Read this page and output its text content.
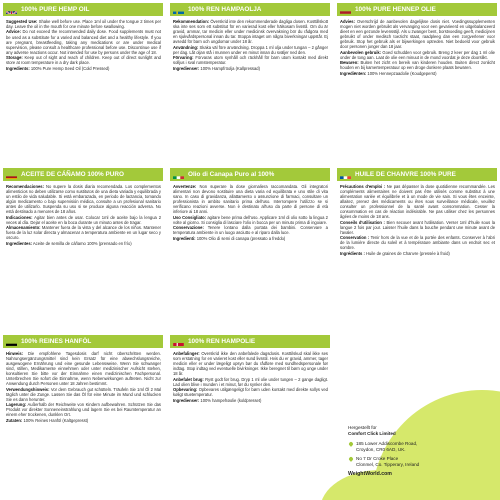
100% PURE HEMP OIL

Suggested Use: Shake well before use. Place 1ml oil under the tongue 2 times per day. Leave the oil in the mouth for one minute before swallowing.

Advice: Do not exceed the recommended daily dose. Food supplements must not be used as a substitute for a varied and balanced diet and a healthy lifestyle. If you are pregnant, breastfeeding, taking any medications or are under medical supervision, please consult a healthcare professional before use. Discontinue use if any adverse reactions occur. Not intended for use by persons under the age of 18.

Storage: Keep out of sight and reach of children. Keep out of direct sunlight and store at room temperature in a dry dark place.

Ingredients: 100% Pure Hemp Seed Oil (Cold Pressed)

100% REN HAMPAOLJA

Rekommendation: Överskrid inte den rekommenderade dagliga dosen. Kosttillskott ska inte ses som ett substitut för en varierad kost eller hälsosam livsstil. Om du är gravid, ammar, tar medicin eller under medicinsk övervakning bör du rådgöra med en sjukvårdspersonal innan du tar. Stoppa intaget om några biverkningar uppstår. Ej avsedd för barn och ungdomar under 18 år.

Användning: Skaka väl före användning. Droppa 1 ml olja under tungan – 2 gånger per dag. Låt oljan stå i munnen under en minut innan du sväljer ned den.

Förvaring: Förvaras utom synhåll och räckhåll för barn utom kontakt med direkt solljus i sval rumstemperatur.

Ingredienser: 100% Hampfröolja (Kallpressad)

100% PURE HENNEP OLIE

Advies: Overschrijd de aanbevolen dagelijkse dosis niet. Voedingssupplementen mogen niet worden gebruikt als vervanging voor een gevarieerd en uitgebalanceerd dieet en een gezonde levensstijl. Als u zwanger bent, borstvoeding geeft, medicijnen gebruikt of onder medisch toezicht staat, raadpleeg dan een zorgverlener voor gebruik. Stop het gebruik als er bijwerkingen optreden. Niet bedoeld voor gebruik door personen jonger dan 18 jaar.

Aanbevolen gebruik: Goed schudden voor gebruik. Breng 2 keer per dag 1 ml olie onder de tong aan. Laat de olie een minuut in de mond voordat je deze doorslikt.

Bewaren: Buiten het zicht en bereik van kinderen houden. Buiten direct zonlicht houden en bij kamertemperatuur op een droge donkere plaats bewaren.

Ingrediënten: 100% Hennepzaadolie (Koudgeperst)

ACEITE DE CÁÑAMO 100% PURO

Recomendaciones: No supere la dosis diaria recomendada. Los complementos alimenticios no deben utilizarse como sustitutos de una dieta variada y equilibrada y un estilo de vida saludable. Si está embarazada, en periodo de lactancia, tomando algún medicamento o bajo supervisión médica, consulte a un profesional sanitario antes de utilizarlo. Suspenda su uso si se produce alguna reacción adversa. No está destinado a menores de 18 años.

Indicaciones: Agitar bien antes de usar. Colocar 1ml de aceite bajo la lengua 2 veces al día. Dejar el aceite en la boca durante un minuto antes de tragar.

Almacenamiento: Mantener fuera de la vista y del alcance de los niños. Mantener fuera de la luz solar directa y almacenar a temperatura ambiente en un lugar seco y oscuro.

Ingredientes: Aceite de semilla de cáñamo 100% (prensado en frío)

Olio di Canapa Puro al 100%

Avvertenze: Non superare la dose giornaliera raccomandata. Gli integratori alimentari non devono sostituire una dieta varia ed equilibrata e uno stile di vita sano. In caso di gravidanza, allattamento o assunzione di farmaci, consultare un professionista in ambito sanitario prima dell'uso. Interrompere l'utilizzo se si verificano reazioni avverse. Non è destinato all'uso da parte di persone di età inferiore ai 18 anni.

Uso Consigliato: agitare bene prima dell'uso. Applicare 1ml di olio sotto la lingua 2 volte al giorno. Si consiglia di lasciare l'olio in bocca per un minuto prima di ingoiare.

Conservazione: Tenere lontano dalla portata dei bambini. Conservare a temperatura ambiente in un luogo asciutto e al riparo dalla luce.

Ingredienti: 100% Olio di semi di canapa (pressato a freddo)

HUILE DE CHANVRE 100% PURE

Précautions d'emploi : Ne pas dépasser la dose quotidienne recommandée. Les compléments alimentaires ne doivent pas être utilisés comme substitut à une alimentation variée et équilibrée et à un mode de vie sain. Si vous êtes enceinte, allaitez, prenez des médicaments ou êtes sous surveillance médicale, veuillez consulter un professionnel de la santé avant consommation. Cesser la consommation en cas de réaction indésirable. Ne pas utiliser chez les personnes âgées de moins de 18 ans.

Conseils d'utilisation : Bien secouer avant l'utilisation. Verser 1ml d'huile sous la langue 2 fois par jour. Laisser l'huile dans la bouche pendant une minute avant de l'avaler.

Conservation : Tenir hors de la vue et de la portée des enfants. Conserver à l'abri de la lumière directe du soleil et à température ambiante dans un endroit sec et sombre.

Ingrédients : Huile de graines de Chanvre (pressée à froid)

100% REINES HANFÖL

Hinweis: Die empfohlene Tagesdosis darf nicht überschritten werden. Nahrungsergänzungsmittel sind kein Ersatz für eine abwechslungsreiche, ausgewogene Ernährung und eine gesunde Lebensweise. Wenn Sie schwanger sind, stillen, Medikamente einnehmen oder unter medizinischer Aufsicht stehen, konsultieren Sie bitte vor der Einnahme einen medizinischen Fachpersonal. Unterbrechen Sie sofort die Einnahme, wenn Nebenwirkungen auftreten. Nicht zur Anwendung durch Personen unter 18 Jahren bestimmt.

Verwendungshinweis: Vor dem Gebrauch gut schütteln. Träufeln Sie 1ml Öl 2 Mal täglich unter die Zunge. Lassen Sie das Öl für eine Minute im Mund und schlucken Sie es dann herunter.

Lagerung: Außerhalb der Reichweite von Kindern aufbewahren. Schützen Sie das Produkt vor direkter Sonneneinstrahlung und lagern Sie es bei Raumtemperatur an einem eher trockenen, dunklen Ort.

Zutaten: 100% Reines Hanföl (Kaltgepresst)

100% REN HAMPOLIE

Anbefalinger: Overskrid ikke den anbefalede dagsdosis. Kosttilskud skal ikke ses som erstatning for en varieret kost eller sund livsstil. Hvis du er gravid, ammer, tager medicin eller er under lægeligt opsyn bør du rådføre med sundhedspersonale før indtag. Stop indtag ved eventuelle bivirkninger. Ikke beregnet til børn og unge under 18 år.

Anbefalet brug: Ryst godt før brug. Dryp 1 ml olie under tungen – 2 gange dagligt. Lad olien blive i munden i et minut, før du synker den.

Opbevaring: Opbevares utilgængeligt for børn uden kontakt med direkte sollys ved køligt stuetemperatur.

Ingredienser: 100% hampefrøolie (koldpresset)

Hergestellt für
Comfort Click Limited
185 Lower Addiscombe Road,
Croydon, CR0 6AD, UK.
No 7 Dr Croke Place
Clonmel, Co. Tipperary, Ireland
WeightWorld.com
